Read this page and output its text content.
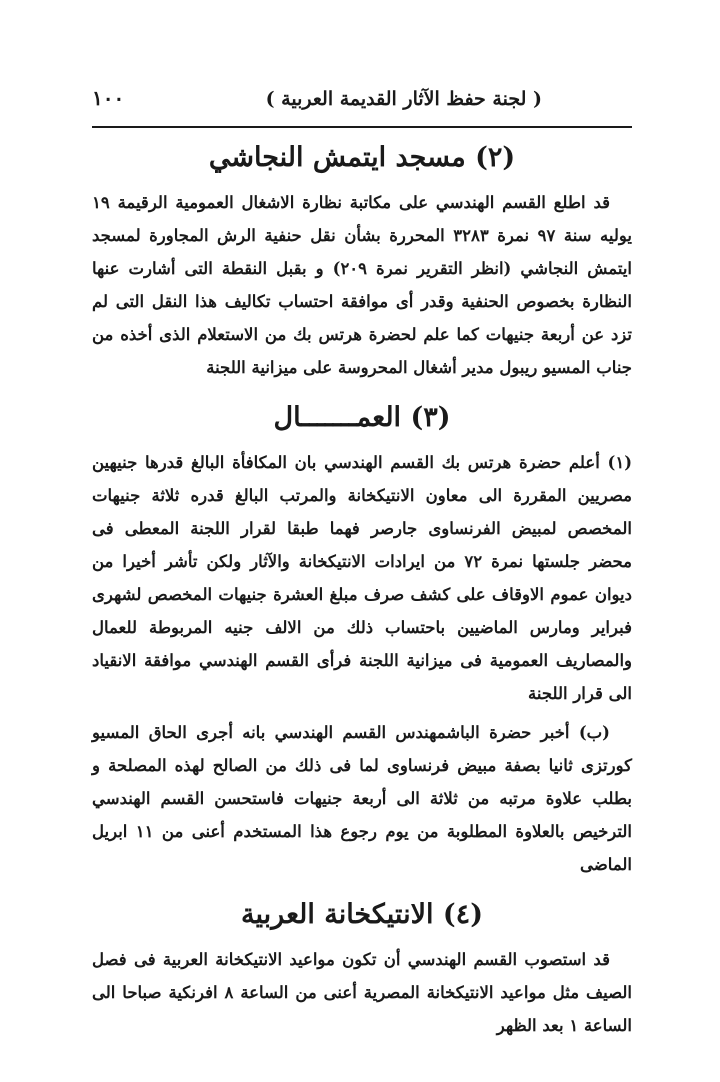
١٠٠	( لجنة حفظ الآثار القديمة العربية )
(٢) مسجد ايتمش النجاشي

قد اطلع القسم الهندسي على مكاتبة نظارة الاشغال العمومية الرقيمة ١٩ يوليه سنة ٩٧ نمرة ٣٢٨٣ المحررة بشأن نقل حنفية الرش المجاورة لمسجد ايتمش النجاشي (انظر التقرير نمرة ٢٠٩) و بقبل النقطة التى أشارت عنها النظارة بخصوص الحنفية وقدر أى موافقة احتساب تكاليف هذا النقل التى لم تزد عن أربعة جنيهات كما علم لحضرة هرتس بك من الاستعلام الذى أخذه من جناب المسيو ريبول مدير أشغال المحروسة على ميزانية اللجنة

(٣) العمـــــــال

(١) أعلم حضرة هرتس بك القسم الهندسي بان المكافأة البالغ قدرها جنيهين مصريين المقررة الى معاون الانتيكخانة والمرتب البالغ قدره ثلاثة جنيهات المخصص لمبيض الفرنساوى جارصر فهما طبقا لقرار اللجنة المعطى فى محضر جلستها نمرة ٧٢ من ايرادات الانتيكخانة والآثار ولكن تأشر أخيرا من ديوان عموم الاوقاف على كشف صرف مبلغ العشرة جنيهات المخصص لشهرى فبراير ومارس الماضيين باحتساب ذلك من الالف جنيه المربوطة للعمال والمصاريف العمومية فى ميزانية اللجنة فرأى القسم الهندسي موافقة الانقياد الى قرار اللجنة

(ب) أخبر حضرة الباشمهندس القسم الهندسي بانه أجرى الحاق المسيو كورتزى ثانيا بصفة مبيض فرنساوى لما فى ذلك من الصالح لهذه المصلحة و بطلب علاوة مرتبه من ثلاثة الى أربعة جنيهات فاستحسن القسم الهندسي الترخيص بالعلاوة المطلوبة من يوم رجوع هذا المستخدم أعنى من ١١ ابريل الماضى

(٤) الانتيكخانة العربية

قد استصوب القسم الهندسي أن تكون مواعيد الانتيكخانة العربية فى فصل الصيف مثل مواعيد الانتيكخانة المصرية أعنى من الساعة ٨ افرنكية صباحا الى الساعة ١ بعد الظهر
